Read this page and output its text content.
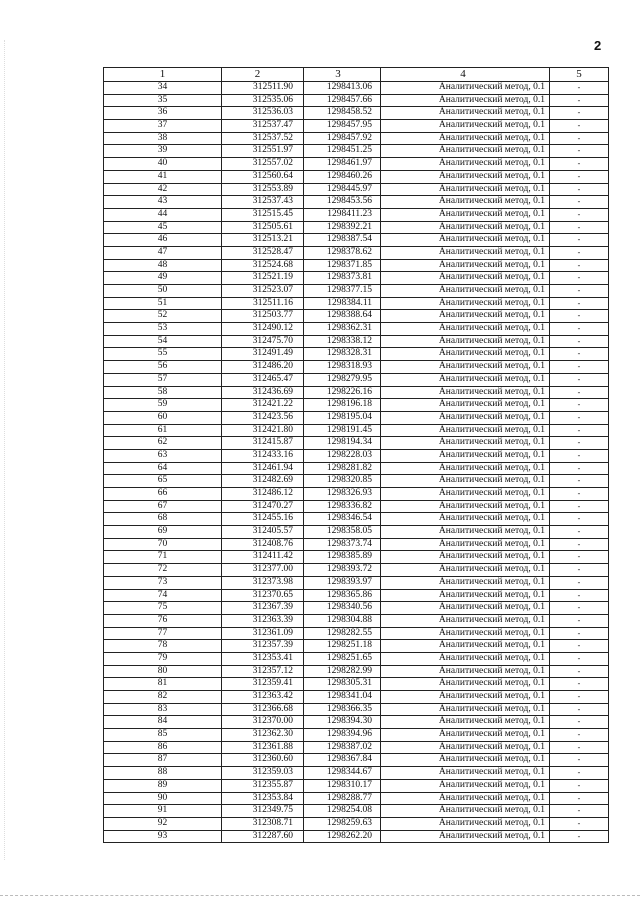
2
1	2	3	4	5
34	312511.90	1298413.06	Аналитический метод, 0.1	-
35	312535.06	1298457.66	Аналитический метод, 0.1	-
36	312536.03	1298458.52	Аналитический метод, 0.1	-
37	312537.47	1298457.95	Аналитический метод, 0.1	-
38	312537.52	1298457.92	Аналитический метод, 0.1	-
39	312551.97	1298451.25	Аналитический метод, 0.1	-
40	312557.02	1298461.97	Аналитический метод, 0.1	-
41	312560.64	1298460.26	Аналитический метод, 0.1	-
42	312553.89	1298445.97	Аналитический метод, 0.1	-
43	312537.43	1298453.56	Аналитический метод, 0.1	-
44	312515.45	1298411.23	Аналитический метод, 0.1	-
45	312505.61	1298392.21	Аналитический метод, 0.1	-
46	312513.21	1298387.54	Аналитический метод, 0.1	-
47	312528.47	1298378.62	Аналитический метод, 0.1	-
48	312524.68	1298371.85	Аналитический метод, 0.1	-
49	312521.19	1298373.81	Аналитический метод, 0.1	-
50	312523.07	1298377.15	Аналитический метод, 0.1	-
51	312511.16	1298384.11	Аналитический метод, 0.1	-
52	312503.77	1298388.64	Аналитический метод, 0.1	-
53	312490.12	1298362.31	Аналитический метод, 0.1	-
54	312475.70	1298338.12	Аналитический метод, 0.1	-
55	312491.49	1298328.31	Аналитический метод, 0.1	-
56	312486.20	1298318.93	Аналитический метод, 0.1	-
57	312465.47	1298279.95	Аналитический метод, 0.1	-
58	312436.69	1298226.16	Аналитический метод, 0.1	-
59	312421.22	1298196.18	Аналитический метод, 0.1	-
60	312423.56	1298195.04	Аналитический метод, 0.1	-
61	312421.80	1298191.45	Аналитический метод, 0.1	-
62	312415.87	1298194.34	Аналитический метод, 0.1	-
63	312433.16	1298228.03	Аналитический метод, 0.1	-
64	312461.94	1298281.82	Аналитический метод, 0.1	-
65	312482.69	1298320.85	Аналитический метод, 0.1	-
66	312486.12	1298326.93	Аналитический метод, 0.1	-
67	312470.27	1298336.82	Аналитический метод, 0.1	-
68	312455.16	1298346.54	Аналитический метод, 0.1	-
69	312405.57	1298358.05	Аналитический метод, 0.1	-
70	312408.76	1298373.74	Аналитический метод, 0.1	-
71	312411.42	1298385.89	Аналитический метод, 0.1	-
72	312377.00	1298393.72	Аналитический метод, 0.1	-
73	312373.98	1298393.97	Аналитический метод, 0.1	-
74	312370.65	1298365.86	Аналитический метод, 0.1	-
75	312367.39	1298340.56	Аналитический метод, 0.1	-
76	312363.39	1298304.88	Аналитический метод, 0.1	-
77	312361.09	1298282.55	Аналитический метод, 0.1	-
78	312357.39	1298251.18	Аналитический метод, 0.1	-
79	312353.41	1298251.65	Аналитический метод, 0.1	-
80	312357.12	1298282.99	Аналитический метод, 0.1	-
81	312359.41	1298305.31	Аналитический метод, 0.1	-
82	312363.42	1298341.04	Аналитический метод, 0.1	-
83	312366.68	1298366.35	Аналитический метод, 0.1	-
84	312370.00	1298394.30	Аналитический метод, 0.1	-
85	312362.30	1298394.96	Аналитический метод, 0.1	-
86	312361.88	1298387.02	Аналитический метод, 0.1	-
87	312360.60	1298367.84	Аналитический метод, 0.1	-
88	312359.03	1298344.67	Аналитический метод, 0.1	-
89	312355.87	1298310.17	Аналитический метод, 0.1	-
90	312353.84	1298288.77	Аналитический метод, 0.1	-
91	312349.75	1298254.08	Аналитический метод, 0.1	-
92	312308.71	1298259.63	Аналитический метод, 0.1	-
93	312287.60	1298262.20	Аналитический метод, 0.1	-
